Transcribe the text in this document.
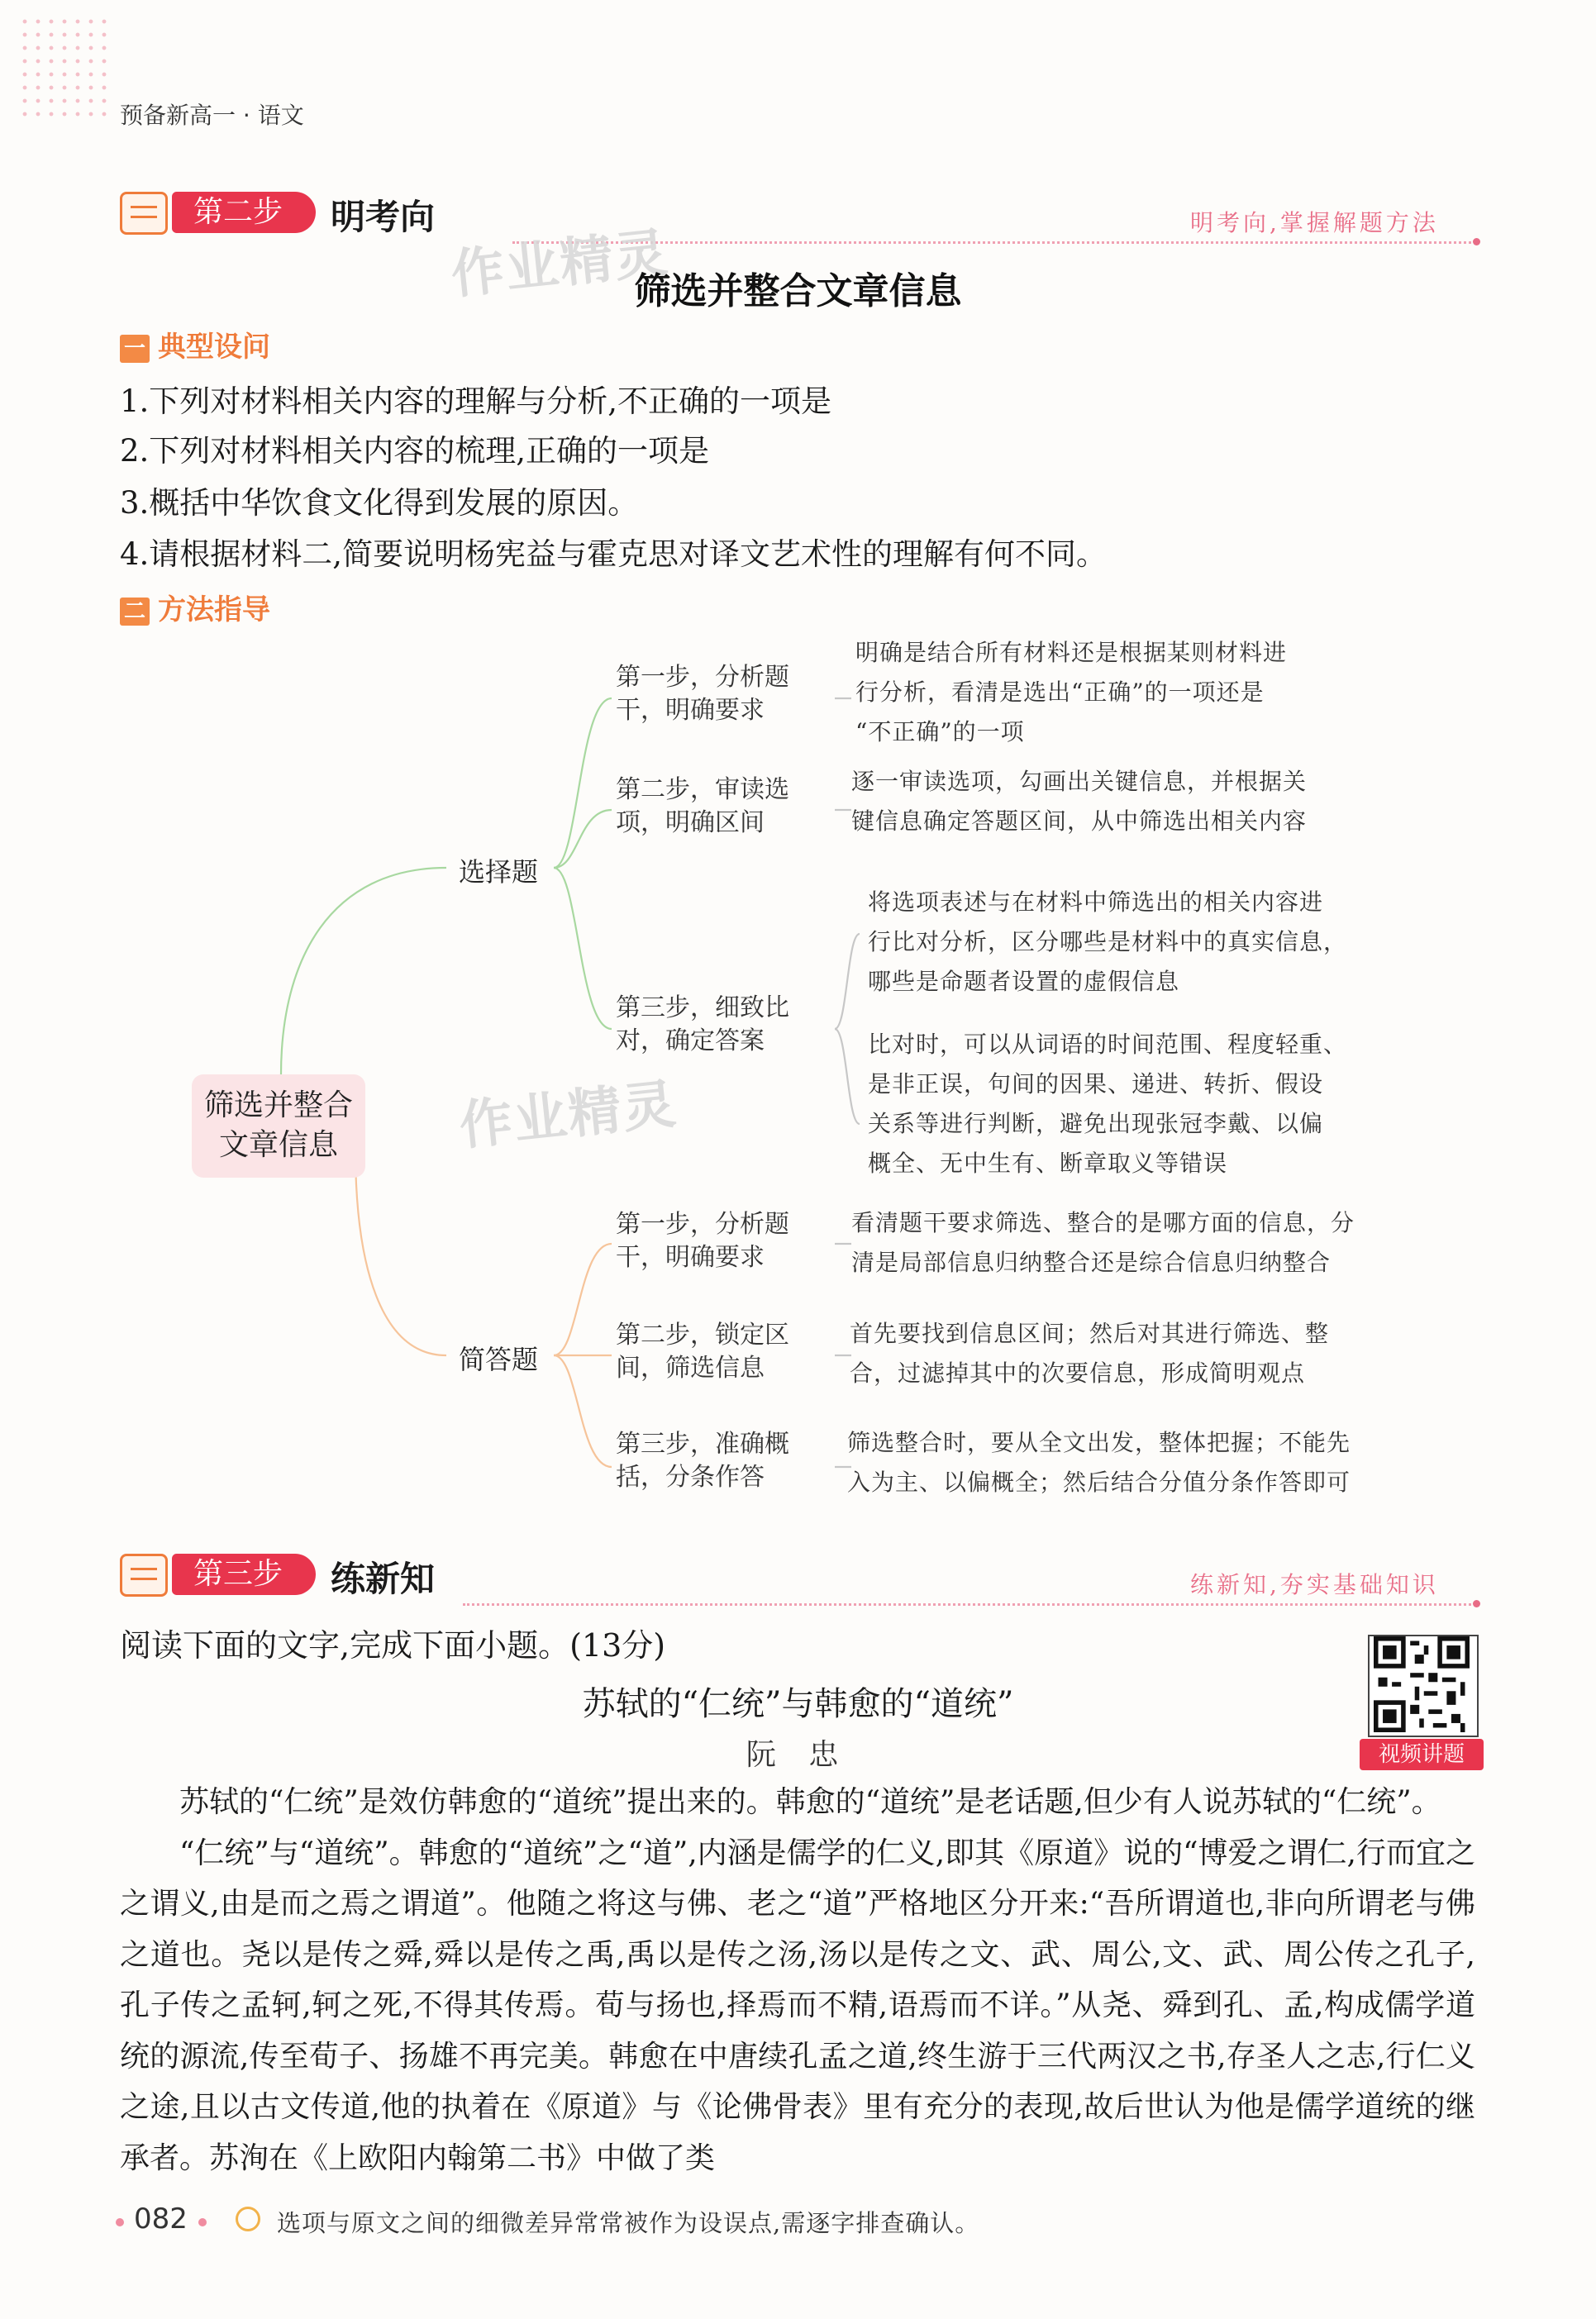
预备新高一 · 语文
第二步	明考向	明考向,掌握解题方法
作业精灵
筛选并整合文章信息
一 典型设问
1.下列对材料相关内容的理解与分析,不正确的一项是
2.下列对材料相关内容的梳理,正确的一项是
3.概括中华饮食文化得到发展的原因。
4.请根据材料二,简要说明杨宪益与霍克思对译文艺术性的理解有何不同。
二 方法指导
筛选并整合
文章信息	作业精灵
选择题
简答题
第一步，分析题
干，明确要求
明确是结合所有材料还是根据某则材料进
行分析，看清是选出“正确”的一项还是
“不正确”的一项
第二步，审读选
项，明确区间
逐一审读选项，勾画出关键信息，并根据关
键信息确定答题区间，从中筛选出相关内容
第三步，细致比
对，确定答案
将选项表述与在材料中筛选出的相关内容进
行比对分析，区分哪些是材料中的真实信息，
哪些是命题者设置的虚假信息
比对时，可以从词语的时间范围、程度轻重、
是非正误，句间的因果、递进、转折、假设
关系等进行判断，避免出现张冠李戴、以偏
概全、无中生有、断章取义等错误
第一步，分析题
干，明确要求
看清题干要求筛选、整合的是哪方面的信息，分
清是局部信息归纳整合还是综合信息归纳整合
第二步，锁定区
间，筛选信息
首先要找到信息区间；然后对其进行筛选、整
合，过滤掉其中的次要信息，形成简明观点
第三步，准确概
括，分条作答
筛选整合时，要从全文出发，整体把握；不能先
入为主、以偏概全；然后结合分值分条作答即可
第三步	练新知	练新知,夯实基础知识
阅读下面的文字,完成下面小题。(13分)
视频讲题
苏轼的“仁统”与韩愈的“道统”
阮 忠

苏轼的“仁统”是效仿韩愈的“道统”提出来的。韩愈的“道统”是老话题,但少有人说苏轼的“仁统”。

“仁统”与“道统”。韩愈的“道统”之“道”,内涵是儒学的仁义,即其《原道》说的“博爱之谓仁,行而宜之之谓义,由是而之焉之谓道”。他随之将这与佛、老之“道”严格地区分开来:“吾所谓道也,非向所谓老与佛之道也。尧以是传之舜,舜以是传之禹,禹以是传之汤,汤以是传之文、武、周公,文、武、周公传之孔子,孔子传之孟轲,轲之死,不得其传焉。荀与扬也,择焉而不精,语焉而不详。”从尧、舜到孔、孟,构成儒学道统的源流,传至荀子、扬雄不再完美。韩愈在中唐续孔孟之道,终生游于三代两汉之书,存圣人之志,行仁义之途,且以古文传道,他的执着在《原道》与《论佛骨表》里有充分的表现,故后世认为他是儒学道统的继承者。苏洵在《上欧阳内翰第二书》中做了类

082	选项与原文之间的细微差异常常被作为设误点,需逐字排查确认。
